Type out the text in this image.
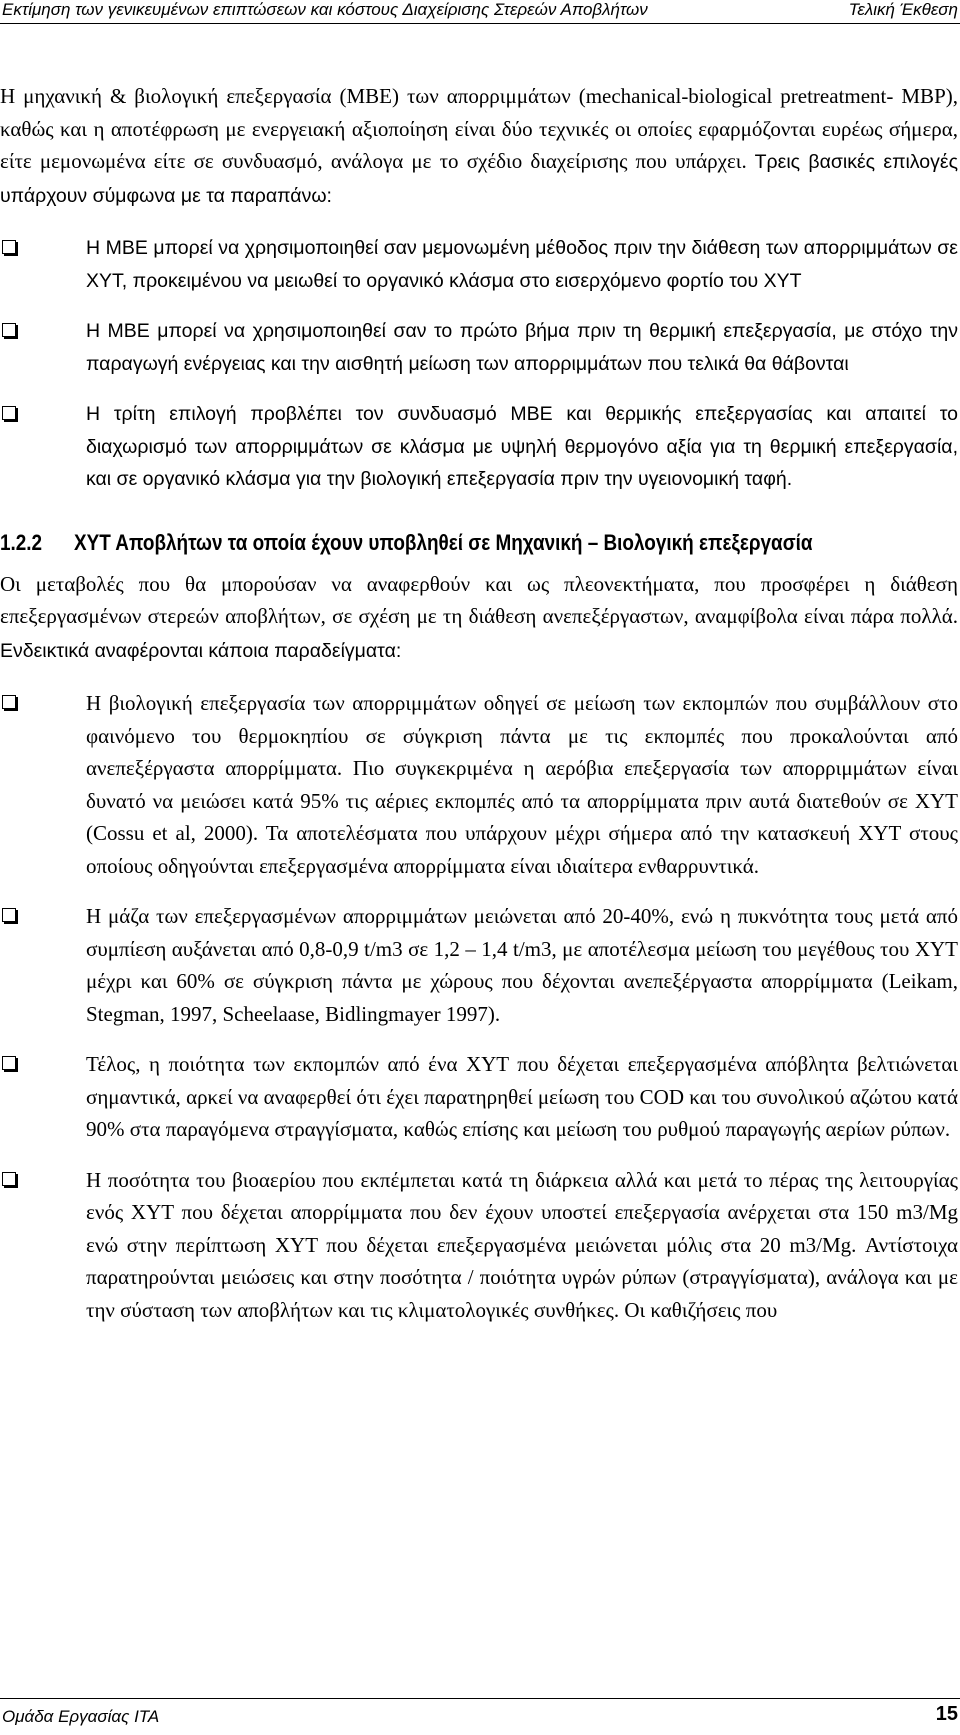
Εκτίμηση των γενικευμένων επιπτώσεων και κόστους Διαχείρισης Στερεών Αποβλήτων	Τελική Έκθεση

Η μηχανική & βιολογική επεξεργασία (ΜΒΕ) των απορριμμάτων (mechanical-biological pretreatment- MBP), καθώς και η αποτέφρωση με ενεργειακή αξιοποίηση είναι δύο τεχνικές οι οποίες εφαρμόζονται ευρέως σήμερα, είτε μεμονωμένα είτε σε συνδυασμό, ανάλογα με το σχέδιο διαχείρισης που υπάρχει. Τρεις βασικές επιλογές υπάρχουν σύμφωνα με τα παραπάνω:

Η ΜΒΕ μπορεί να χρησιμοποιηθεί σαν μεμονωμένη μέθοδος πριν την διάθεση των απορριμμάτων σε ΧΥΤ, προκειμένου να μειωθεί το οργανικό κλάσμα στο εισερχόμενο φορτίο του ΧΥΤ
Η ΜΒΕ μπορεί να χρησιμοποιηθεί σαν το πρώτο βήμα πριν τη θερμική επεξεργασία, με στόχο την παραγωγή ενέργειας και την αισθητή μείωση των απορριμμάτων που τελικά θα θάβονται
Η τρίτη επιλογή προβλέπει τον συνδυασμό ΜΒΕ και θερμικής επεξεργασίας και απαιτεί το διαχωρισμό των απορριμμάτων σε κλάσμα με υψηλή θερμογόνο αξία για τη θερμική επεξεργασία, και σε οργανικό κλάσμα για την βιολογική επεξεργασία πριν την υγειονομική ταφή.
1.2.2	ΧΥΤ Αποβλήτων τα οποία έχουν υποβληθεί σε Μηχανική – Βιολογική επεξεργασία

Οι μεταβολές που θα μπορούσαν να αναφερθούν και ως πλεονεκτήματα, που προσφέρει η διάθεση επεξεργασμένων στερεών αποβλήτων, σε σχέση με τη διάθεση ανεπεξέργαστων, αναμφίβολα είναι πάρα πολλά. Ενδεικτικά αναφέρονται κάποια παραδείγματα:

Η βιολογική επεξεργασία των απορριμμάτων οδηγεί σε μείωση των εκπομπών που συμβάλλουν στο φαινόμενο του θερμοκηπίου σε σύγκριση πάντα με τις εκπομπές που προκαλούνται από ανεπεξέργαστα απορρίμματα. Πιο συγκεκριμένα η αερόβια επεξεργασία των απορριμμάτων είναι δυνατό να μειώσει κατά 95% τις αέριες εκπομπές από τα απορρίμματα πριν αυτά διατεθούν σε ΧΥΤ (Cossu et al, 2000). Τα αποτελέσματα που υπάρχουν μέχρι σήμερα από την κατασκευή ΧΥΤ στους οποίους οδηγούνται επεξεργασμένα απορρίμματα είναι ιδιαίτερα ενθαρρυντικά.
Η μάζα των επεξεργασμένων απορριμμάτων μειώνεται από 20-40%, ενώ η πυκνότητα τους μετά από συμπίεση αυξάνεται από 0,8-0,9 t/m3 σε 1,2 – 1,4 t/m3, με αποτέλεσμα μείωση του μεγέθους του ΧΥΤ μέχρι και 60% σε σύγκριση πάντα με χώρους που δέχονται ανεπεξέργαστα απορρίμματα (Leikam, Stegman, 1997, Scheelaase, Bidlingmayer 1997).
Τέλος, η ποιότητα των εκπομπών από ένα ΧΥΤ που δέχεται επεξεργασμένα απόβλητα βελτιώνεται σημαντικά, αρκεί να αναφερθεί ότι έχει παρατηρηθεί μείωση του COD και του συνολικού αζώτου κατά 90% στα παραγόμενα στραγγίσματα, καθώς επίσης και μείωση του ρυθμού παραγωγής αερίων ρύπων.
Η ποσότητα του βιοαερίου που εκπέμπεται κατά τη διάρκεια αλλά και μετά το πέρας της λειτουργίας ενός ΧΥΤ που δέχεται απορρίμματα που δεν έχουν υποστεί επεξεργασία ανέρχεται στα 150 m3/Mg ενώ στην περίπτωση ΧΥΤ που δέχεται επεξεργασμένα μειώνεται μόλις στα 20 m3/Mg. Αντίστοιχα παρατηρούνται μειώσεις και στην ποσότητα / ποιότητα υγρών ρύπων (στραγγίσματα), ανάλογα και με την σύσταση των αποβλήτων και τις κλιματολογικές συνθήκες. Οι καθιζήσεις που
Ομάδα Εργασίας ΙΤΑ	15
